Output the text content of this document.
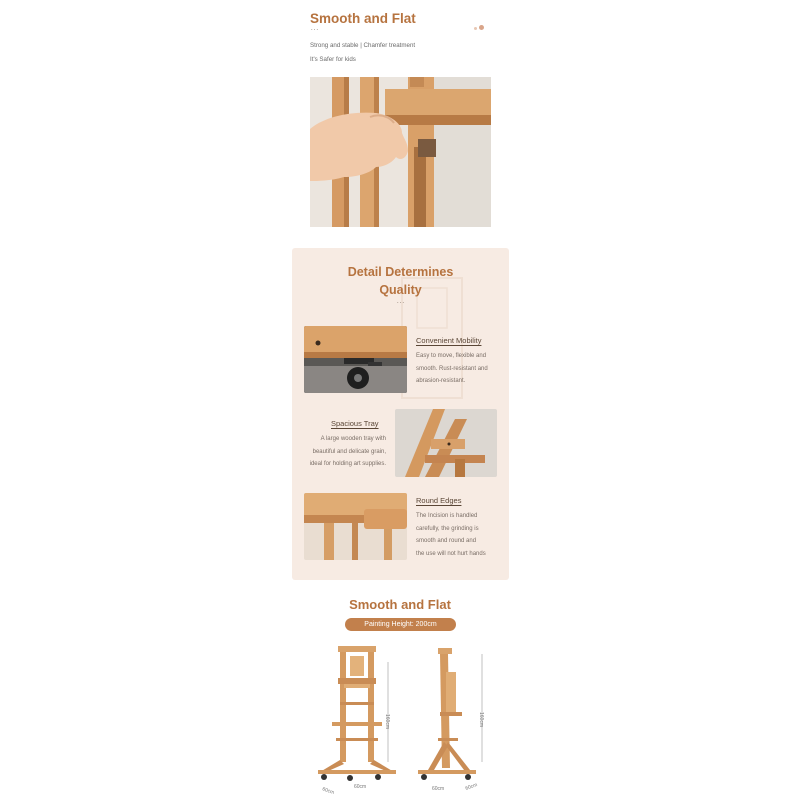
Smooth and Flat
...
Strong and stable | Chamfer treatment
It's Safer for kids
Detail Determines
Quality
...
Convenient Mobility
Easy to move, flexible and
smooth. Rust-resistant and
abrasion-resistant.
Spacious Tray
A large wooden tray with
beautiful and delicate grain,
ideal for holding art supplies.
Round Edges
The Incision is handled
carefully, the grinding is
smooth and round and
the use will not hurt hands
Smooth and Flat
Painting Height: 200cm
160cm
60cm	60cm
160cm
60cm	60cm
